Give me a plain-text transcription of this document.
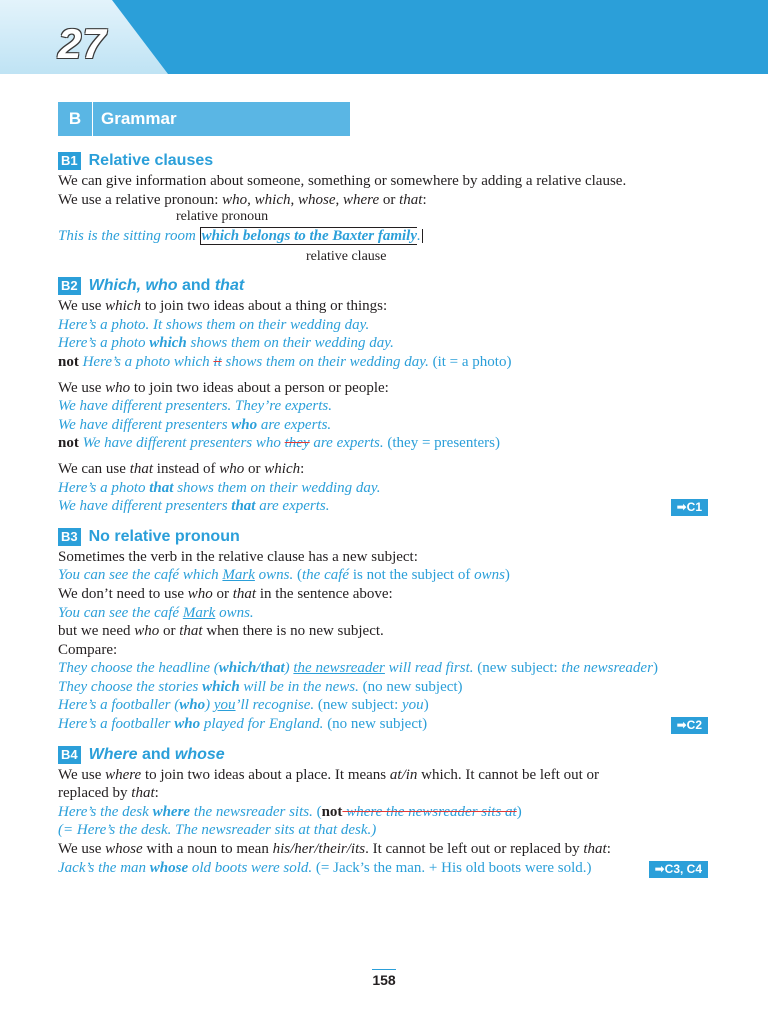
27
B	Grammar
B1 Relative clauses
We can give information about someone, something or somewhere by adding a relative clause.
We use a relative pronoun: who, which, whose, where or that:
relative pronoun
This is the sitting room which belongs to the Baxter family.
relative clause
B2 Which, who and that
We use which to join two ideas about a thing or things:
Here’s a photo. It shows them on their wedding day.
Here’s a photo which shows them on their wedding day.
not Here’s a photo which it shows them on their wedding day. (it = a photo)
We use who to join two ideas about a person or people:
We have different presenters. They’re experts.
We have different presenters who are experts.
not We have different presenters who they are experts. (they = presenters)
We can use that instead of who or which:
Here’s a photo that shows them on their wedding day.
We have different presenters that are experts.	➡C1
B3 No relative pronoun
Sometimes the verb in the relative clause has a new subject:
You can see the café which Mark owns. (the café is not the subject of owns)
We don’t need to use who or that in the sentence above:
You can see the café Mark owns.
but we need who or that when there is no new subject.
Compare:
They choose the headline (which/that) the newsreader will read first. (new subject: the newsreader)
They choose the stories which will be in the news. (no new subject)
Here’s a footballer (who) you’ll recognise. (new subject: you)
Here’s a footballer who played for England. (no new subject)	➡C2
B4 Where and whose
We use where to join two ideas about a place. It means at/in which. It cannot be left out or
replaced by that:
Here’s the desk where the newsreader sits. (not where the newsreader sits at)
(= Here’s the desk. The newsreader sits at that desk.)
We use whose with a noun to mean his/her/their/its. It cannot be left out or replaced by that:
Jack’s the man whose old boots were sold. (= Jack’s the man. + His old boots were sold.)	➡C3, C4
158
